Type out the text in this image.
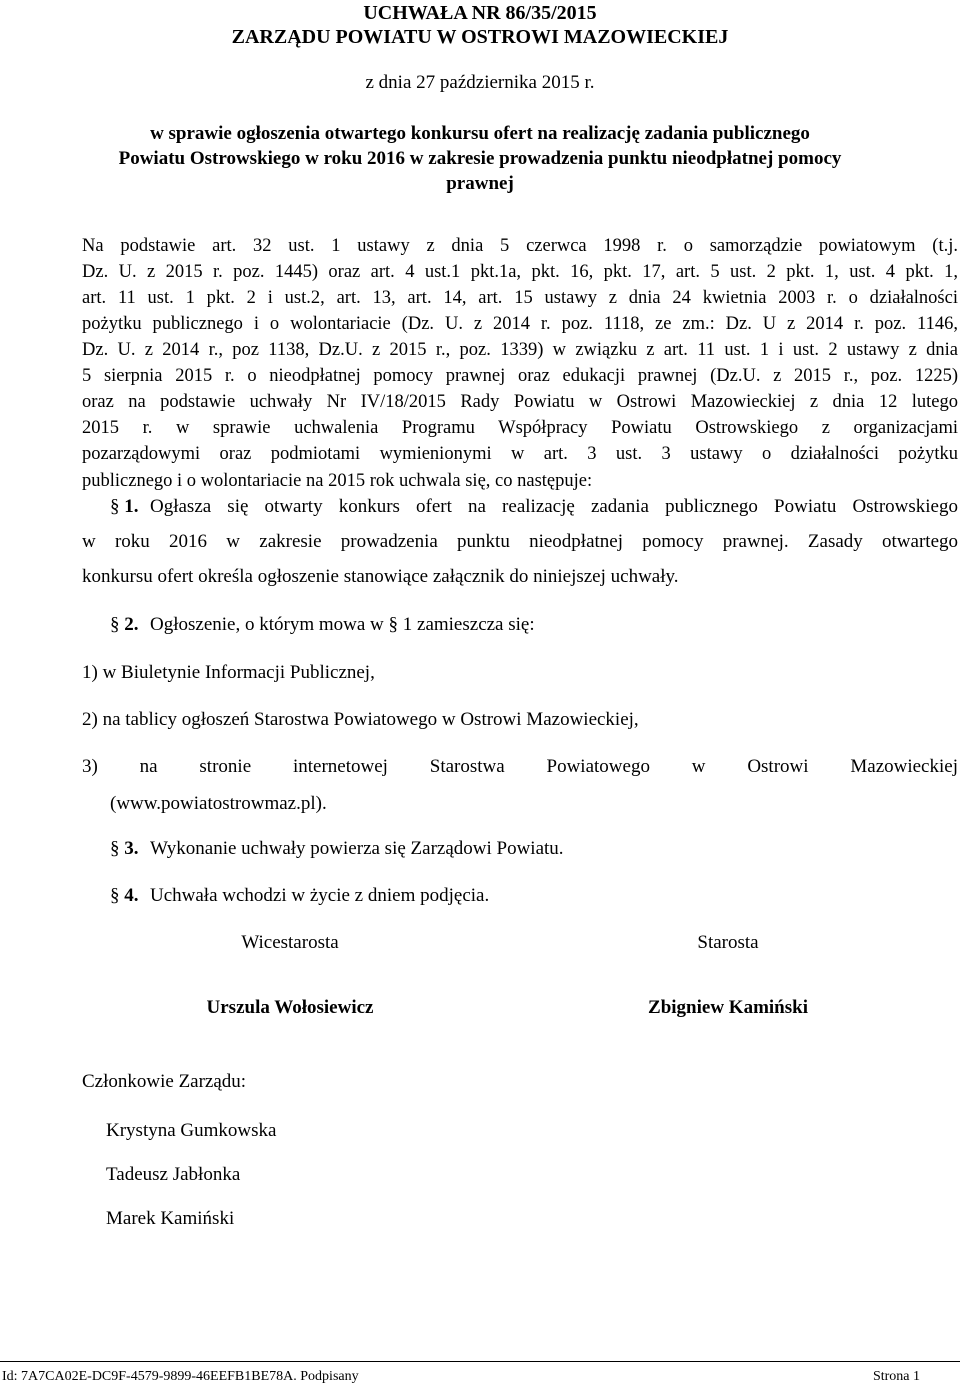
UCHWAŁA NR 86/35/2015
ZARZĄDU POWIATU W OSTROWI MAZOWIECKIEJ
z dnia 27 października 2015 r.
w sprawie ogłoszenia otwartego konkursu ofert na realizację zadania publicznego
Powiatu Ostrowskiego w roku 2016 w zakresie prowadzenia punktu nieodpłatnej pomocy
prawnej
Na podstawie art. 32 ust. 1 ustawy z dnia 5 czerwca 1998 r. o samorządzie powiatowym (t.j.
Dz. U. z 2015 r. poz. 1445) oraz art. 4 ust.1 pkt.1a, pkt. 16, pkt. 17, art. 5 ust. 2 pkt. 1, ust. 4 pkt. 1,
art. 11 ust. 1 pkt. 2 i ust.2, art. 13, art. 14, art. 15 ustawy z dnia 24 kwietnia 2003 r. o działalności
pożytku publicznego i o wolontariacie (Dz. U. z 2014 r. poz. 1118, ze zm.: Dz. U z 2014 r. poz. 1146,
Dz. U. z 2014 r., poz 1138, Dz.U. z 2015 r., poz. 1339) w związku z art. 11 ust. 1 i ust. 2 ustawy z dnia
5 sierpnia 2015 r. o nieodpłatnej pomocy prawnej oraz edukacji prawnej (Dz.U. z 2015 r., poz. 1225)
oraz na podstawie uchwały Nr IV/18/2015 Rady Powiatu w Ostrowi Mazowieckiej z dnia 12 lutego
2015 r. w sprawie uchwalenia Programu Współpracy Powiatu Ostrowskiego z organizacjami
pozarządowymi oraz podmiotami wymienionymi w art. 3 ust. 3 ustawy o działalności pożytku
publicznego i o wolontariacie na 2015 rok uchwala się, co następuje:
§ 1. Ogłasza się otwarty konkurs ofert na realizację zadania publicznego Powiatu Ostrowskiego
w roku 2016 w zakresie prowadzenia punktu nieodpłatnej pomocy prawnej. Zasady otwartego
konkursu ofert określa ogłoszenie stanowiące załącznik do niniejszej uchwały.
§ 2. Ogłoszenie, o którym mowa w § 1 zamieszcza się:
1) w Biuletynie Informacji Publicznej,
2) na tablicy ogłoszeń Starostwa Powiatowego w Ostrowi Mazowieckiej,
3) na stronie internetowej Starostwa Powiatowego w Ostrowi Mazowieckiej
(www.powiatostrowmaz.pl).
§ 3. Wykonanie uchwały powierza się Zarządowi Powiatu.
§ 4. Uchwała wchodzi w życie z dniem podjęcia.
Wicestarosta	Starosta
Urszula Wołosiewicz	Zbigniew Kamiński
Członkowie Zarządu:
Krystyna Gumkowska
Tadeusz Jabłonka
Marek Kamiński
Id: 7A7CA02E-DC9F-4579-9899-46EEFB1BE78A. Podpisany	Strona 1
